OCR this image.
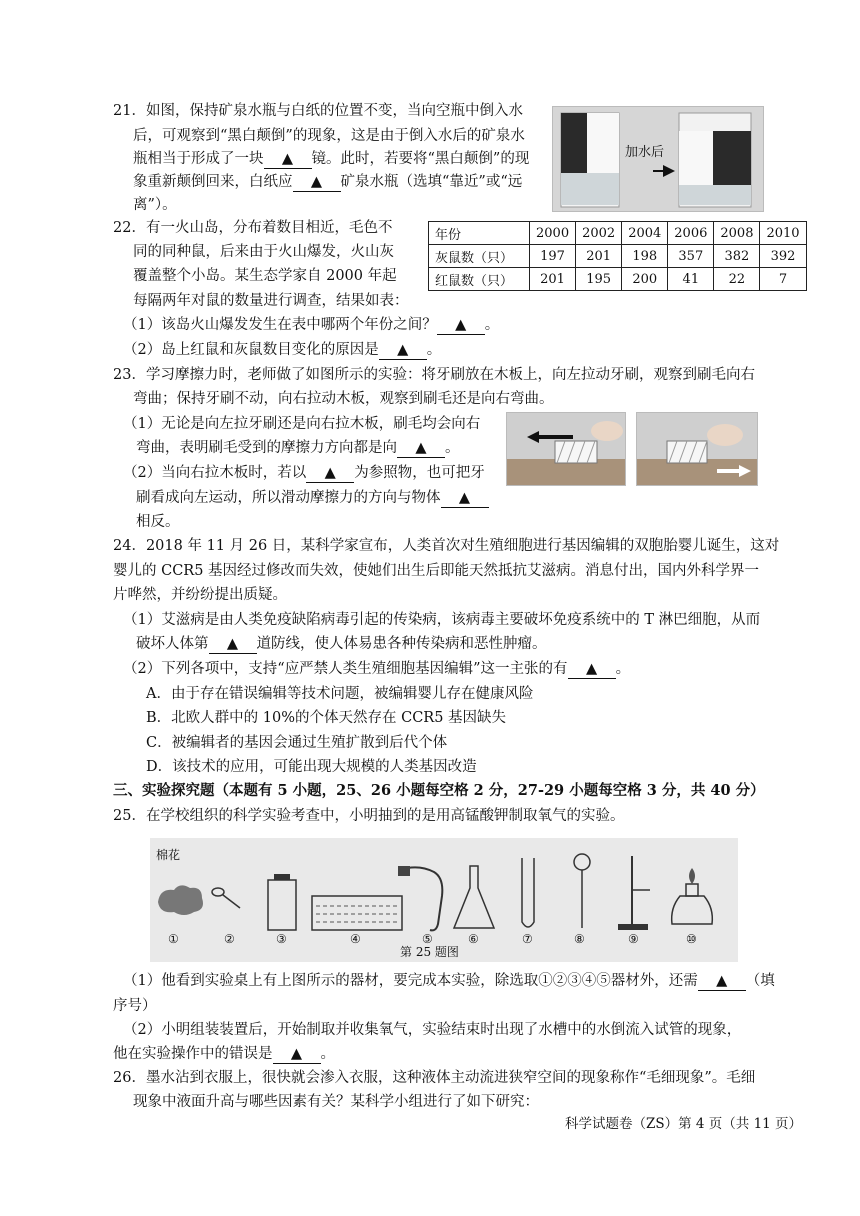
21．如图，保持矿泉水瓶与白纸的位置不变，当向空瓶中倒入水
后，可观察到“黑白颠倒”的现象，这是由于倒入水后的矿泉水
瓶相当于形成了一块 ▲ 镜。此时，若要将“黑白颠倒”的现
象重新颠倒回来，白纸应 ▲ 矿泉水瓶（选填“靠近”或“远
离”）。
加水后
22．有一火山岛，分布着数目相近，毛色不
同的同种鼠，后来由于火山爆发，火山灰
覆盖整个小岛。某生态学家自 2000 年起
每隔两年对鼠的数量进行调查，结果如表：
年份	2000	2002	2004	2006	2008	2010
灰鼠数（只）	197	201	198	357	382	392
红鼠数（只）	201	195	200	41	22	7
（1）该岛火山爆发发生在表中哪两个年份之间？ ▲ 。
（2）岛上红鼠和灰鼠数目变化的原因是 ▲ 。
23．学习摩擦力时，老师做了如图所示的实验：将牙刷放在木板上，向左拉动牙刷，观察到刷毛向右
弯曲；保持牙刷不动，向右拉动木板，观察到刷毛还是向右弯曲。
（1）无论是向左拉牙刷还是向右拉木板，刷毛均会向右
弯曲，表明刷毛受到的摩擦力方向都是向 ▲ 。
（2）当向右拉木板时，若以 ▲ 为参照物，也可把牙
刷看成向左运动，所以滑动摩擦力的方向与物体 ▲
相反。
24．2018 年 11 月 26 日，某科学家宣布，人类首次对生殖细胞进行基因编辑的双胞胎婴儿诞生，这对
婴儿的 CCR5 基因经过修改而失效，使她们出生后即能天然抵抗艾滋病。消息付出，国内外科学界一
片哗然，并纷纷提出质疑。
（1）艾滋病是由人类免疫缺陷病毒引起的传染病，该病毒主要破坏免疫系统中的 T 淋巴细胞，从而
破坏人体第 ▲ 道防线，使人体易患各种传染病和恶性肿瘤。
（2）下列各项中，支持“应严禁人类生殖细胞基因编辑”这一主张的有 ▲ 。
A．由于存在错误编辑等技术问题，被编辑婴儿存在健康风险
B．北欧人群中的 10%的个体天然存在 CCR5 基因缺失
C．被编辑者的基因会通过生殖扩散到后代个体
D．该技术的应用，可能出现大规模的人类基因改造
三、实验探究题（本题有 5 小题，25、26 小题每空格 2 分，27-29 小题每空格 3 分，共 40 分）
25．在学校组织的科学实验考查中，小明抽到的是用高锰酸钾制取氧气的实验。
棉花
①	②	③	④	⑤	⑥	⑦	⑧	⑨	⑩
第 25 题图
（1）他看到实验桌上有上图所示的器材，要完成本实验，除选取①②③④⑤器材外，还需 ▲ （填
序号）
（2）小明组装装置后，开始制取并收集氧气，实验结束时出现了水槽中的水倒流入试管的现象，
他在实验操作中的错误是 ▲ 。
26．墨水沾到衣服上，很快就会渗入衣服，这种液体主动流进狭窄空间的现象称作“毛细现象”。毛细
现象中液面升高与哪些因素有关？某科学小组进行了如下研究：
科学试题卷（ZS）第 4 页（共 11 页）
